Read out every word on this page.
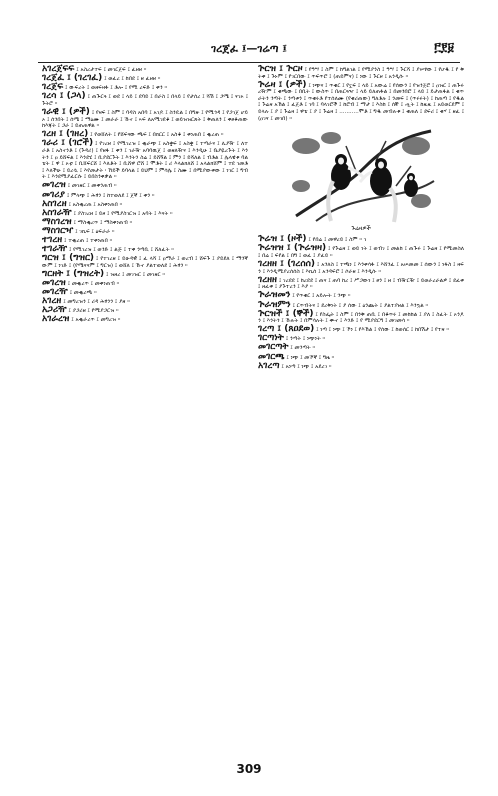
ገረጀፈ ፤—ገሬጣ ፤	፫፻፱

አገረጀፍፍ ፤ አስረታተፍ ፤ መገርጀፍ ፤ ፈዘዘ ።

ገረጀፈ ፤ (ገረገፈ) ፤ ወፈረ ፤ ከበደ ፤ ዘ ፈዘዘ ።

ገረጀፍ ፤ ውፍረት ፤ ወዘፍዛፋ ፤ ቶሎ ፤ የሚ ረፍድ ፤ ቀን ።

ገረሳ ፤ (ጋላ) ፤ ጠጕርጓ ፤ ወደ ፤ ላይ ፤ ደባይ ፤ በራስ ፤ በላይ ፤ የታሰረ ፤ ሻሽ ፤ ጋሜ ፤ ናገኦ ፤ ጉትሮ ።

ገራዊ ፤ (ዎች) ፤ የዛፍ ፤ ስም ፤ ባዳስ አበባ ፤ አገዶ ፤ ስንዴል ፤ በግዙ ፤ የሚጎዳ ፤ የጋገጀ ሆይኦ ፤ ሰንበት ፤ ሰሜ ፤ ማዕሙ ፤ መራራ ፤ ኹኖ ፤ ኣፍ ለአሚገደቆ ፤ ወይዝዝርጸት ፤ ቅጠለን ፤ ቀፀቆጠው ከእጃት ፤ ጋራ ፤ ይጠጠዋል ።

ገረዘ ፤ (ገዘረ) ፤ የወሸለት ፤ የሸፍናው ጫፍ ፤ በክርር ፤ አስቆ ፤ ቀነጠበ ፤ ቈረጠ ።

ገራሪ ፤ (ገሮች) ፤ የገረዘ ፤ የሚገረዝ ፤ ቈራጭ ፤ አስቋፍ ፤ አስቋ ፤ ተጣራና ፤ ሊያዥ ፤ ለተ ራቶ ፤ አስኖንቶ ፤ (ጉዳሪ) ፤ የዘፋ ፤ ቀን ፤ ገራዥ አባባዉጀ ፤ ወዘለዥና ፤ እንዲሁ ፤ ቤያዪረጉት ፤ እን ትን ፤ ዐ ይሸፍል ፤ እንደሂ ፤ ቢያደርጉት ፤ እንትን ስሬ ፤ ይሸኝል ፤ ምን ፤ ይሻለል ፤ ብቶል ፤ ሌላዌቱ ባልቴት ፤ ዋ ፤ ኦቲ ፤ ቢሸፍርሸ ፤ እለቶት ፤ ቢሸዋ ሮሸ ፤ ሞቶት ፤ ሪ እላልክለሸ ፤ አላልክሸም ፤ ተደ ገመቶ ፤ እለችሁ ፤ ይረሷ ፤ እየመታት ፡ ኸይች ይባላል ፤ ይህም ፤ ምሳሌ ፤ ስሙ ፤ በሚያውቀው ፤ ነገር ፤ ግብት ፤ እንደሚያፈርሱ ፤ ይበስንቀቃል ።

መገረዝ ፤ መገዘር ፤ መቀንጠብ ።

መገሪያ ፤ ምላጭ ፤ ሕፃን ፤ ከተወለደ ፤ ጀኛ ፤ ቀን ።

አስገረዘ ፤ አስቈረጠ ፤ አስቀነጠበ ።

አስገራዥ ፤ ያስገረዘ ፤ ይዞ ፤ የሚያስገርዝ ፤ አባት ፤ እናት ።

ማስገረዝ ፤ ማስቈረጥ ፤ ማስቀነጠብ ።

ማስገርዣ ፤ ገኪፍ ፤ ዕፍራራ ።

ተገረዘ ፤ ተቈረጠ ፤ ተቀነጠበ ።

ተገራዥ ፤ የሚገረዝ ፤ ወንድ ፤ ልጅ ፤ ተቀ ንጣቢ ፤ ሸለፈት ።

ግርዝ ፤ (ግዝር) ፤ የተገረዘ ፤ ይሁዳዊ ፤ ፈ ላሻ ፤ ዐማራ ፤ ወረብ ፤ ሸፍጉ ፤ ያይደለ ፤ ማንኛ ውም ፤ ነገድ ፤ (የሜናናም ፤ ግርዝ) ፤ ወሸለ ፤ ኹኖ ያልተወለደ ፤ ሕፃን ።

ግርዘት ፤ (ግዝረት) ፤ ዝዘረ ፤ መገዝር ፤ መገዘር ።

መገረዝ ፤ መቈረጥ ፤ መቀነጠብ ።

መገረዥ ፤ መቈረጫ ።

አገረዘ ፤ መግረዝን ፤ ሪዳ ሕፃንን ፤ ያዘ ።

አጋሪዥ ፤ ያጋሪዘ ፤ የሚያጋርዝ ።

አገራረዝ ፤ አቈራረጥ ፤ መግረዝ ።

ጕርዝ ፤ ጕርዞ ፤ የዓሣ ፤ ስም ፤ ከግልገል ፤ የሚያንስ ፤ ዓሣ ፤ ጉርሻ ፤ ያሠፃው ፤ የሆዱ ፤ የ ቅትቀ ፤ ጉኑም ፤ የገርበው ፤ ጥፍጥሮ ፤ (ጠይምና) ፤ ነው ፤ ጉርዞ ፤ አንዲሱ ።

ጕሬዛ ፤ (ዎች) ፤ ነጭና ፤ ጥቁር ፤ የኗፍ ፤ ላይ ፤ አውሬ ፤ የሰውን ፤ የዝንጀሮ ፤ ዐዝር ፤ ጠጕሩ ረዥም ፤ ቁጫው ፤ በቢት ፤ ውስጥ ፤ በጠርጓዣ ፤ ላይ ይለጠፋል ፤ በመንበሮ ፤ ላይ ፤ ይታጠፋል ፤ ቁጥራትን ንጣት ፤ ንጣቱን ፤ ጥቁሩቶ የተሰለሙ (የቁሪጠው) ግለቶሉ ፤ ንመፍ ፤ (ጥሩሩት) ፤ ከጠጣ ፤ የዱል ፤ ጉሬዛ አኸል ፤ ፈጀቶ ፤ ገባ ፤ ባላገሮች ፤ ከሮብ ፤ ማታ ፤ እስከ ፤ ሰኞ ፤ ጧት ፤ ከዚዚ ፤ አይወርደም ፤ ይላሉ ፤ ያ ፤ ጉሬዛ ፤ ዋቴ ፤ ያ ፤ ጉሬዛ ፤ ...........ሞቶ ፤ ግዱ መብሉቱ ፤ ቁጠለ ፤ ደፍሪ ፤ ቂሃ ፤ ዘፈ ፤ (ዐገና ፤ መገበ) ።

ጉሬዛዎች

ጕሬዝ ፤ (ዞች) ፤ የበሬ ፤ መዋረይ ፤ ስም ። ገ

ጕሬዝዝ ፤ (ጕሬዝዛ) ፤ የጉሬዛ ፤ ወይ ነት ፤ ወብገ ፤ መልከ ፤ ጠጕሩ ፤ ጉሬዛ ፤ የሚመስለ ፤ በሬ ፤ ፍየል ፤ በግ ፤ ወፈ ፤ ያፈይ ።

ገረዘዘ ፤ (ገረሰሰ) ፤ አንለስ ፤ ተጫነ ፤ እንቀሳፋ ፤ እሸንፈ ፤ አሠመመ ፤ ሰውን ፤ ነፋስ ፤ ዛፍን ፤ እንዲሚያረሰሰስ ፤ እኪሰ ፤ አንዳፍሮ ፤ ሶራዘ ፤ እንዲሱ ።

ገረዘዘ ፤ ገረደደ ፤ ከረደደ ፤ ጠና ፤ ጠባ ከረ ፤ ሥጋውነ ፤ ፀን ፤ ዘ ፤ ብዥርዥ ፤ ይወራረራልዎ ፤ ደፈቀ ፤ ዘፈቀ ፤ ያጉተረን ፤ እያ ።

ጕራዝመን ፤ የጥቁር ፤ አይሎት ፤ ንጭ ።

ጕራዝምን ፤ ርጥብትና ፤ ደረቅነት ፤ ያ ሰው ፤ ዕንጨት ፤ ያልተያዘል ፤ እንኳል ።

ጕርዝች ፤ (ኞች) ፤ የስፌት ፤ ስም ፤ በንቅ ጠቢ ፤ በቆጥሩ ፤ መከከል ፤ ያለ ፤ ስፈት ፤ ኦንዶን ፤ እንትጎ ፤ ኹሉት ፤ በምሳሉት ፤ ቍኖ ፤ እንድ ፤ የ ሚያደርግ ፤ መገመሳ ።

ገረጣ ፤ (ጸዐደወ) ፤ ነጣ ፤ ነጭ ፤ ኾነ ፤ የእኸል ፤ የሰው ፤ ከወሰር ፤ ከበሽታ ፤ የተዛ ።

ገርጣነት ፤ ንጣት ፤ ነጭነት ።

መገርጣት ፤ መንጣት ።

መገርጫ ፤ ነጭ ፤ መኾኛ ፤ ግዜ ።

አገረጣ ፤ አነጣ ፤ ነጭ ፤ አደረገ ።

309
